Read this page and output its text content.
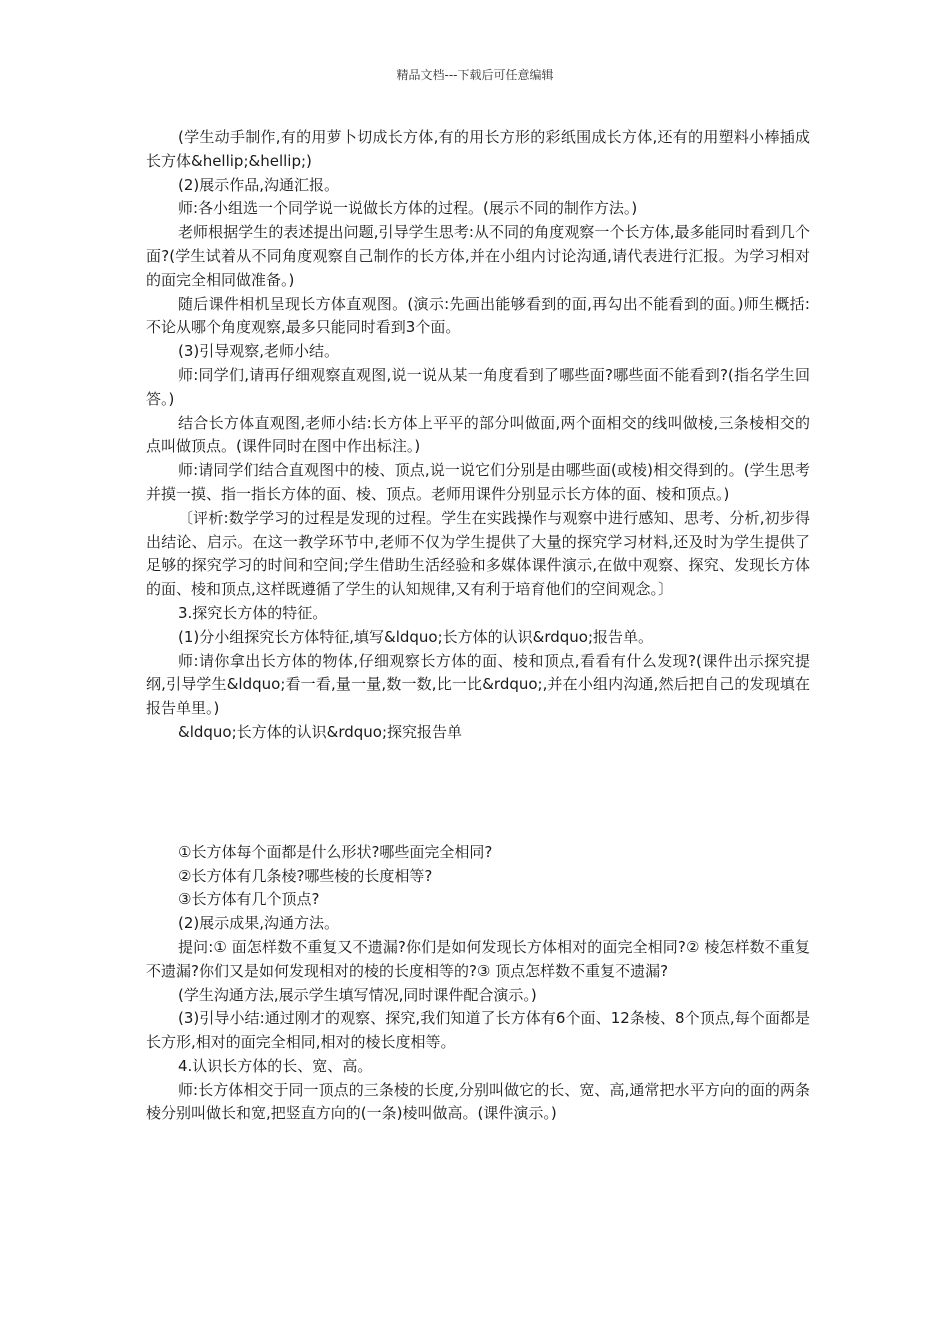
精品文档---下载后可任意编辑

(学生动手制作,有的用萝卜切成长方体,有的用长方形的彩纸围成长方体,还有的用塑料小棒插成长方体&hellip;&hellip;)

(2)展示作品,沟通汇报。

师:各小组选一个同学说一说做长方体的过程。(展示不同的制作方法。)

老师根据学生的表述提出问题,引导学生思考:从不同的角度观察一个长方体,最多能同时看到几个面?(学生试着从不同角度观察自己制作的长方体,并在小组内讨论沟通,请代表进行汇报。为学习相对的面完全相同做准备。)

随后课件相机呈现长方体直观图。(演示:先画出能够看到的面,再勾出不能看到的面。)师生概括:不论从哪个角度观察,最多只能同时看到3个面。

(3)引导观察,老师小结。

师:同学们,请再仔细观察直观图,说一说从某一角度看到了哪些面?哪些面不能看到?(指名学生回答。)

结合长方体直观图,老师小结:长方体上平平的部分叫做面,两个面相交的线叫做棱,三条棱相交的点叫做顶点。(课件同时在图中作出标注。)

师:请同学们结合直观图中的棱、顶点,说一说它们分别是由哪些面(或棱)相交得到的。(学生思考并摸一摸、指一指长方体的面、棱、顶点。老师用课件分别显示长方体的面、棱和顶点。)

〔评析:数学学习的过程是发现的过程。学生在实践操作与观察中进行感知、思考、分析,初步得出结论、启示。在这一教学环节中,老师不仅为学生提供了大量的探究学习材料,还及时为学生提供了足够的探究学习的时间和空间;学生借助生活经验和多媒体课件演示,在做中观察、探究、发现长方体的面、棱和顶点,这样既遵循了学生的认知规律,又有利于培育他们的空间观念。〕

3.探究长方体的特征。

(1)分小组探究长方体特征,填写&ldquo;长方体的认识&rdquo;报告单。

师:请你拿出长方体的物体,仔细观察长方体的面、棱和顶点,看看有什么发现?(课件出示探究提纲,引导学生&ldquo;看一看,量一量,数一数,比一比&rdquo;,并在小组内沟通,然后把自己的发现填在报告单里。)

&ldquo;长方体的认识&rdquo;探究报告单

①长方体每个面都是什么形状?哪些面完全相同?

②长方体有几条棱?哪些棱的长度相等?

③长方体有几个顶点?

(2)展示成果,沟通方法。

提问:① 面怎样数不重复又不遗漏?你们是如何发现长方体相对的面完全相同?② 棱怎样数不重复不遗漏?你们又是如何发现相对的棱的长度相等的?③ 顶点怎样数不重复不遗漏?

(学生沟通方法,展示学生填写情况,同时课件配合演示。)

(3)引导小结:通过刚才的观察、探究,我们知道了长方体有6个面、12条棱、8个顶点,每个面都是长方形,相对的面完全相同,相对的棱长度相等。

4.认识长方体的长、宽、高。

师:长方体相交于同一顶点的三条棱的长度,分别叫做它的长、宽、高,通常把水平方向的面的两条棱分别叫做长和宽,把竖直方向的(一条)棱叫做高。(课件演示。)
